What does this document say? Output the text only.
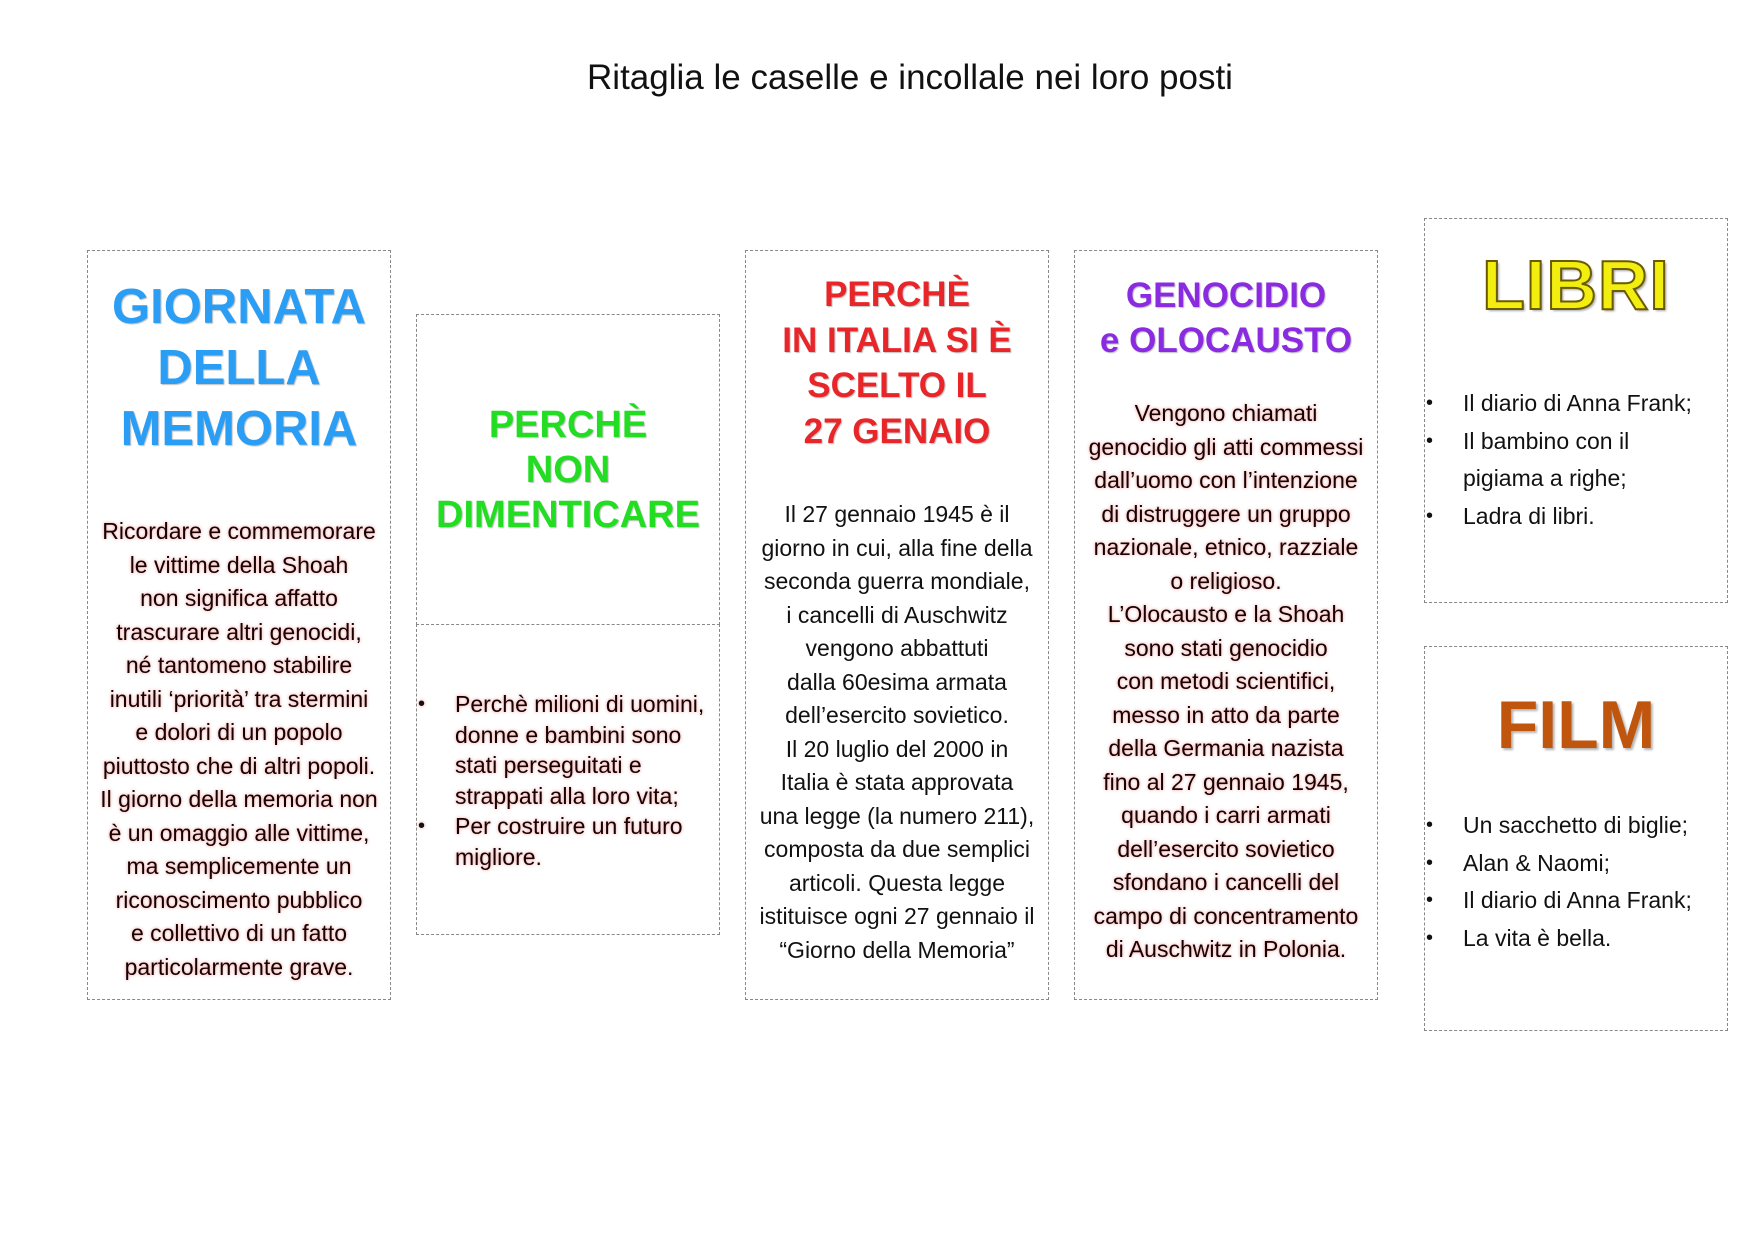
Ritaglia le caselle e incollale nei loro posti
GIORNATA
DELLA
MEMORIA
Ricordare e commemorare
le vittime della Shoah
non significa affatto
trascurare altri genocidi,
né tantomeno stabilire
inutili ‘priorità’ tra stermini
e dolori di un popolo
piuttosto che di altri popoli.
Il giorno della memoria non
è un omaggio alle vittime,
ma semplicemente un
riconoscimento pubblico
e collettivo di un fatto
particolarmente grave.
PERCHÈ
NON
DIMENTICARE
• Perchè milioni di uomini,
donne e bambini sono
stati perseguitati e
strappati alla loro vita;
• Per costruire un futuro
migliore.
PERCHÈ
IN ITALIA SI È
SCELTO IL
27 GENAIO
Il 27 gennaio 1945 è il
giorno in cui, alla fine della
seconda guerra mondiale,
i cancelli di Auschwitz
vengono abbattuti
dalla 60esima armata
dell’esercito sovietico.
Il 20 luglio del 2000 in
Italia è stata approvata
una legge (la numero 211),
composta da due semplici
articoli. Questa legge
istituisce ogni 27 gennaio il
“Giorno della Memoria”
GENOCIDIO
e OLOCAUSTO
Vengono chiamati
genocidio gli atti commessi
dall’uomo con l’intenzione
di distruggere un gruppo
nazionale, etnico, razziale
o religioso.
L’Olocausto e la Shoah
sono stati genocidio
con metodi scientifici,
messo in atto da parte
della Germania nazista
fino al 27 gennaio 1945,
quando i carri armati
dell’esercito sovietico
sfondano i cancelli del
campo di concentramento
di Auschwitz in Polonia.
LIBRI
• Il diario di Anna Frank;
• Il bambino con il
pigiama a righe;
• Ladra di libri.
FILM
• Un sacchetto di biglie;
• Alan & Naomi;
• Il diario di Anna Frank;
• La vita è bella.
